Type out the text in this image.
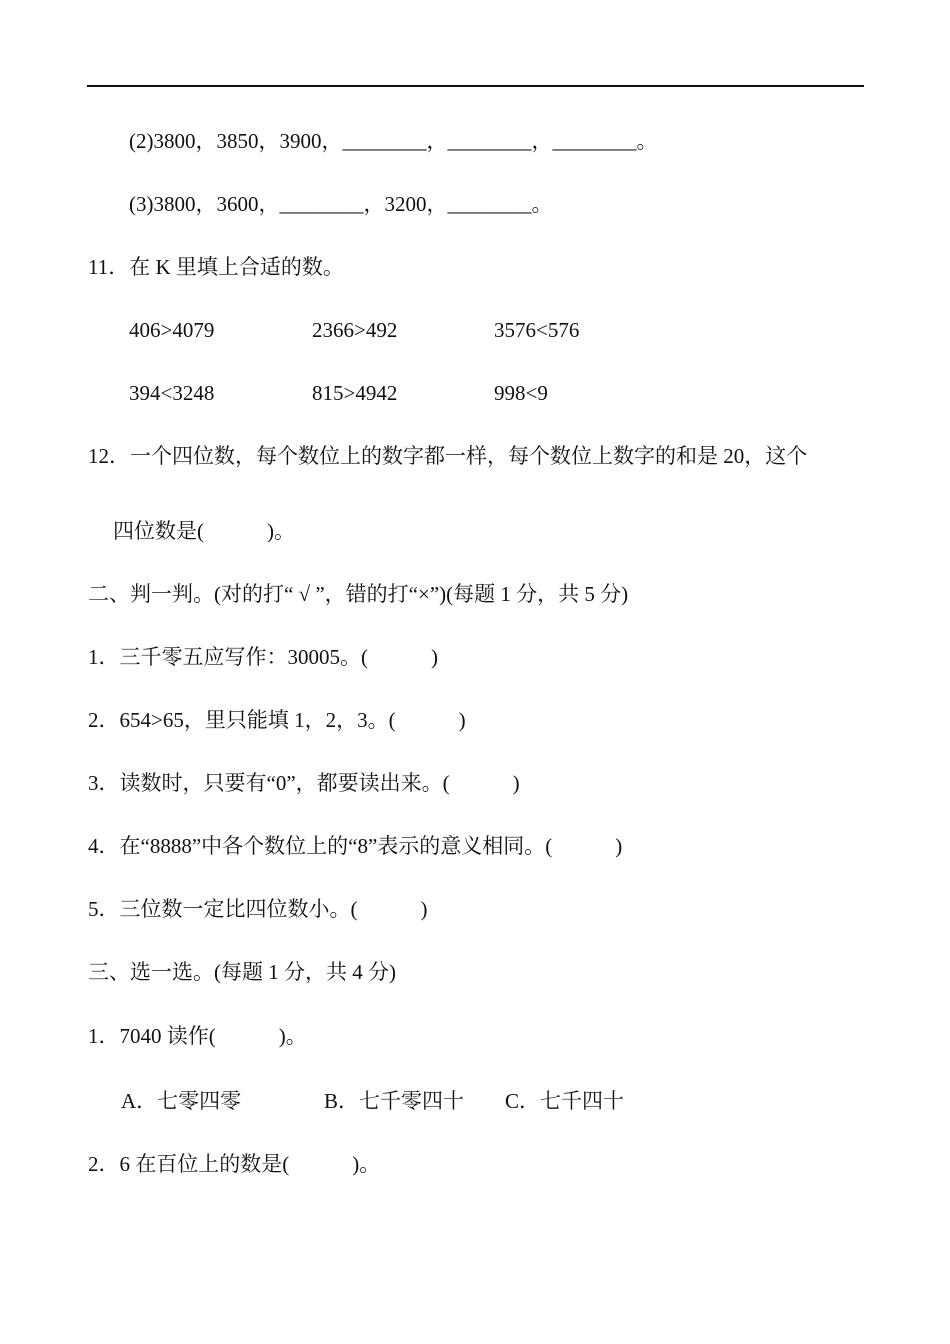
(2)3800，3850，3900，________，________，________。
(3)3800，3600，________，3200，________。
11．在 K 里填上合适的数。
406>4079	2366>492	3576<576
394<3248	815>4942	998<9
12．一个四位数，每个数位上的数字都一样，每个数位上数字的和是 20，这个
四位数是(            )。
二、判一判。(对的打“ √ ”，错的打“×”)(每题 1 分，共 5 分)
1．三千零五应写作：30005。(            )
2．654>65，里只能填 1，2，3。(            )
3．读数时，只要有“0”，都要读出来。(            )
4．在“8888”中各个数位上的“8”表示的意义相同。(            )
5．三位数一定比四位数小。(            )
三、选一选。(每题 1 分，共 4 分)
1．7040 读作(            )。
A．七零四零	B．七千零四十 C．七千四十
2．6 在百位上的数是(            )。
